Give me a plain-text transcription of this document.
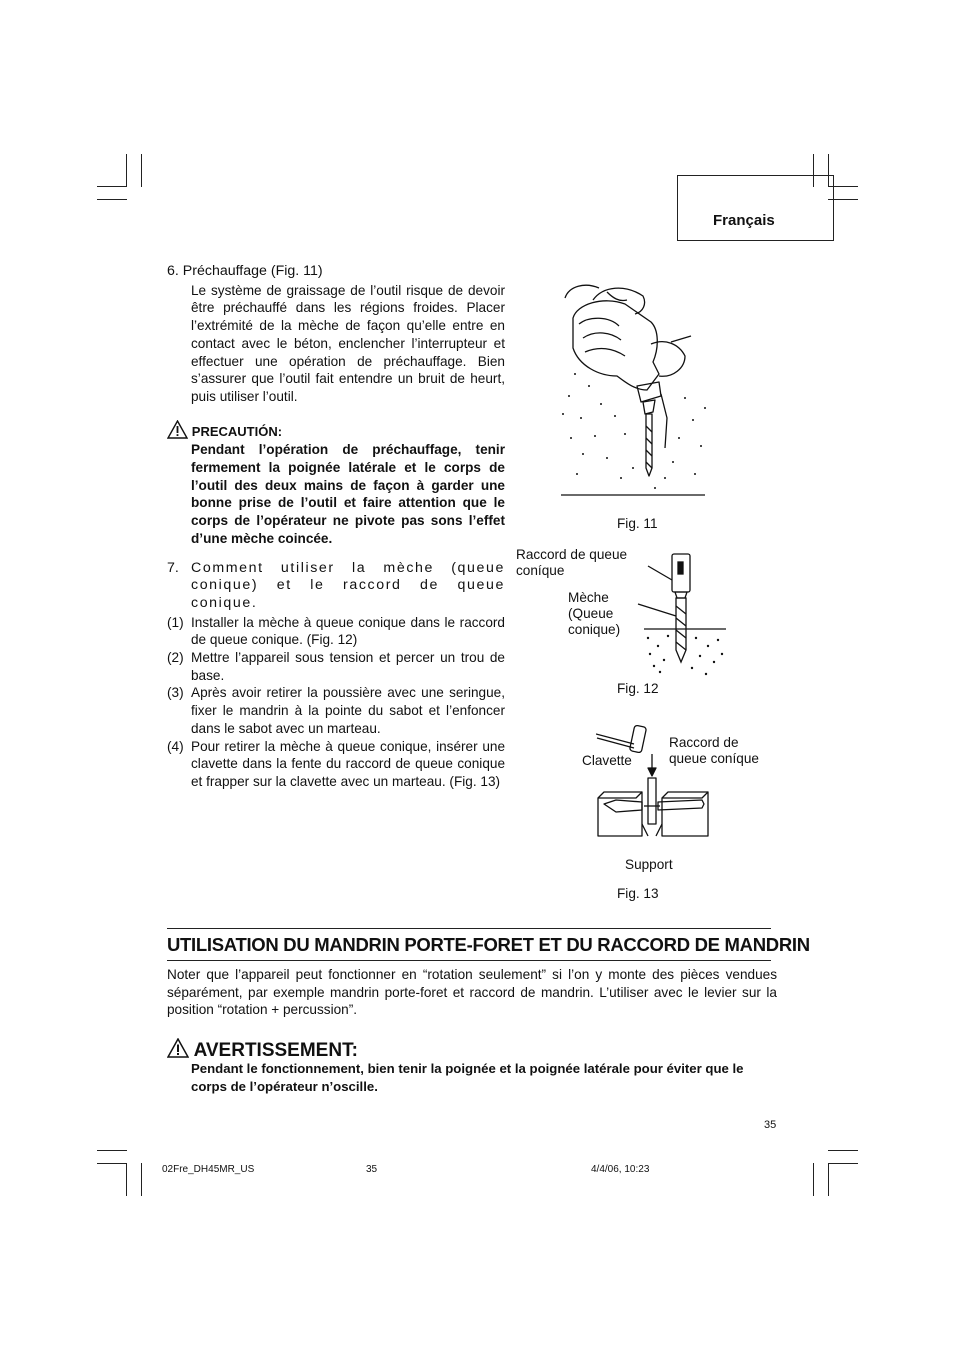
Français
6. Préchauffage (Fig. 11)
Le système de graissage de l’outil risque de devoir être préchauffé dans les régions froides. Placer l’extrémité de la mèche de façon qu’elle entre en contact avec le béton, enclencher l’interrupteur et effectuer une opération de préchauffage. Bien s’assurer que l’outil fait entendre un bruit de heurt, puis utiliser l’outil.
PRECAUTIÓN:
Pendant l’opération de préchauffage, tenir fermement la poignée latérale et le corps de l’outil des deux mains de façon à garder une bonne prise de l’outil et faire attention que le corps de l’opérateur ne pivote pas sons l’effet d’une mèche coincée.
7. Comment utiliser la mèche (queue conique) et le raccord de queue conique.
(1) Installer la mèche à queue conique dans le raccord de queue conique. (Fig. 12)
(2) Mettre l’appareil sous tension et percer un trou de base.
(3) Après avoir retirer la poussière avec une seringue, fixer le mandrin à la pointe du sabot et l’enfoncer dans le sabot avec un marteau.
(4) Pour retirer la mèche à queue conique, insérer une clavette dans la fente du raccord de queue conique et frapper sur la clavette avec un marteau. (Fig. 13)
Fig. 11
Raccord de queue coníque
Mèche (Queue conique)
Fig. 12
Clavette
Raccord de queue coníque
Support
Fig. 13
UTILISATION DU MANDRIN PORTE-FORET ET DU RACCORD DE MANDRIN
Noter que l’appareil peut fonctionner en “rotation seulement” si l’on y monte des pièces vendues séparément, par exemple mandrin porte-foret et raccord de mandrin. L’utiliser avec le levier sur la position “rotation + percussion”.
AVERTISSEMENT:
Pendant le fonctionnement, bien tenir la poignée et la poignée latérale pour éviter que le corps de l’opérateur n’oscille.
35
02Fre_DH45MR_US	35	4/4/06, 10:23
